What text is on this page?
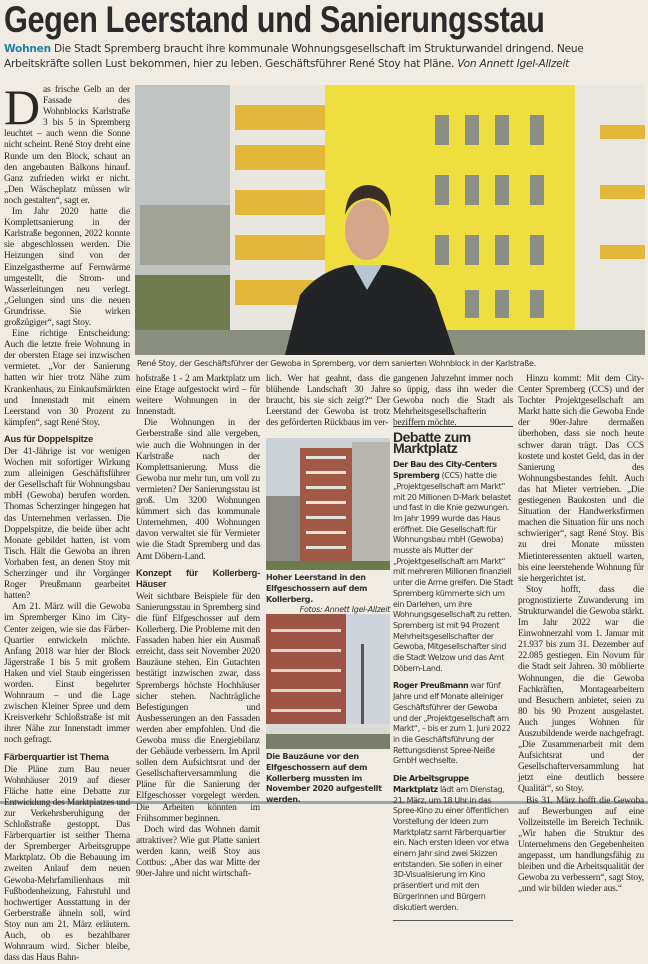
Gegen Leerstand und Sanierungsstau
Wohnen Die Stadt Spremberg braucht ihre kommunale Wohnungsgesellschaft im Strukturwandel dringend. Neue Arbeitskräfte sollen Lust bekommen, hier zu leben. Geschäftsführer René Stoy hat Pläne. Von Annett Igel-Allzeit

Das frische Gelb an der Fassade des Wohnblocks Karlstraße 3 bis 5 in Spremberg leuchtet – auch wenn die Sonne nicht scheint. René Stoy dreht eine Runde um den Block, schaut an den angebauten Balkons hinauf. Ganz zufrieden wirkt er nicht. „Den Wäscheplatz müssen wir noch gestalten“, sagt er.

Im Jahr 2020 hatte die Komplettsanierung in der Karlstraße begonnen, 2022 konnte sie abgeschlossen werden. Die Heizungen sind von der Einzelgastherme auf Fernwärme umgestellt, die Strom- und Wasserleitungen neu verlegt. „Gelungen sind uns die neuen Grundrisse. Sie wirken großzügiger“, sagt Stoy.

Eine richtige Entscheidung: Auch die letzte freie Wohnung in der obersten Etage sei inzwischen vermietet. „Vor der Sanierung hatten wir hier trotz Nähe zum Krankenhaus, zu Einkaufsmärkten und Innenstadt mit einem Leerstand von 30 Prozent zu kämpfen“, sagt René Stoy.

Aus für Doppelspitze

Der 41-Jährige ist vor wenigen Wochen mit sofortiger Wirkung zum alleinigen Geschäftsführer der Gesellschaft für Wohnungsbau mbH (Gewoba) berufen worden. Thomas Scherzinger hingegen hat das Unternehmen verlassen. Die Doppelspitze, die beide über acht Monate gebildet hatten, ist vom Tisch. Hält die Gewoba an ihren Vorhaben fest, an denen Stoy mit Scherzinger und ihr Vorgänger Roger Preußmann gearbeitet hatten?

Am 21. März will die Gewoba im Spremberger Kino im City-Center zeigen, wie sie das Färber-Quartier entwickeln möchte. Anfang 2018 war hier der Block Jägerstraße 1 bis 5 mit großem Haken und viel Staub eingerissen worden. Einst begehrter Wohnraum – und die Lage zwischen Kleiner Spree und dem Kreisverkehr Schloßstraße ist mit ihrer Nähe zur Innenstadt immer noch gefragt.

Färberquartier ist Thema

Die Pläne zum Bau neuer Wohnhäuser 2019 auf dieser Fläche hatte eine Debatte zur Entwicklung des Marktplatzes und zur Verkehrsberuhigung der Schloßstraße gestoppt. Das Färberquartier ist seither Thema der Spremberger Arbeitsgruppe Marktplatz. Ob die Bebauung im zweiten Anlauf dem neuen Gewoba-Mehrfamilienhaus mit Fußbodenheizung, Fahrstuhl und hochwertiger Ausstattung in der Gerberstraße ähneln soll, wird Stoy nun am 21. März erläutern. Auch, ob es bezahlbarer Wohnraum wird. Sicher bleibe, dass das Haus Bahn-

René Stoy, der Geschäftsführer der Gewoba in Spremberg, vor dem sanierten Wohnblock in der Karlstraße.

hofstraße 1 - 2 am Marktplatz um eine Etage aufgestockt wird – für weitere Wohnungen in der Innenstadt.

Die Wohnungen in der Gerberstraße sind alle vergeben, wie auch die Wohnungen in der Karlstraße nach der Komplettsanierung. Muss die Gewoba nur mehr tun, um voll zu vermieten? Der Sanierungsstau ist groß. Um 3200 Wohnungen kümmert sich das kommunale Unternehmen, 400 Wohnungen davon verwaltet sie für Vermieter wie die Stadt Spremberg und das Amt Döbern-Land.

Konzept für Kollerberg-Häuser

Weit sichtbare Beispiele für den Sanierungsstau in Spremberg sind die fünf Elfgeschosser auf dem Kollerberg. Die Probleme mit den Fassaden haben hier ein Ausmaß erreicht, dass seit November 2020 Bauzäune stehen. Ein Gutachten bestätigt inzwischen zwar, dass Sprembergs höchste Hochhäuser sicher stehen. Nachträgliche Befestigungen und Ausbesserungen an den Fassaden werden aber empfohlen. Und die Gewoba muss die Energiebilanz der Gebäude verbessern. Im April sollen dem Aufsichtsrat und der Gesellschafterversammlung die Pläne für die Sanierung der Elfgeschosser vorgelegt werden. Die Arbeiten könnten im Frühsommer beginnen.

Doch wird das Wohnen damit attraktiver? Wie gut Platte saniert werden kann, weiß Stoy aus Cottbus: „Aber das war Mitte der 90er-Jahre und nicht wirtschaft-

lich. Wer hat geahnt, dass die blühende Landschaft 30 Jahre braucht, bis sie sich zeigt?“ Der Leerstand der Gewoba ist trotz des geförderten Rückbaus im ver-

Hoher Leerstand in den Elfgeschossern auf dem Kollerberg.
Fotos: Annett Igel-Allzeit
Die Bauzäune vor den Elfgeschossern auf dem Kollerberg mussten im November 2020 aufgestellt werden.

gangenen Jahrzehnt immer noch so üppig, dass ihn weder die Gewoba noch die Stadt als Mehrheitsgesellschafterin beziffern möchte.

Debatte zum Marktplatz

Der Bau des City-Centers Spremberg (CCS) hatte die „Projektgesellschaft am Markt“ mit 20 Millionen D-Mark belastet und fast in die Knie gezwungen. Im Jahr 1999 wurde das Haus eröffnet. Die Gesellschaft für Wohnungsbau mbH (Gewoba) musste als Mutter der „Projektgesellschaft am Markt“ mit mehreren Millionen finanziell unter die Arme greifen. Die Stadt Spremberg kümmerte sich um ein Darlehen, um ihre Wohnungsgesellschaft zu retten. Spremberg ist mit 94 Prozent Mehrheitsgesellschafter der Gewoba, Mitgesellschafter sind die Stadt Welzow und das Amt Döbern-Land.

Roger Preußmann war fünf Jahre und elf Monate alleiniger Geschäftsführer der Gewoba und der „Projektgesellschaft am Markt“, – bis er zum 1. Juni 2022 in die Geschäftsführung der Rettungsdienst Spree-Neiße GmbH wechselte.

Die Arbeitsgruppe Marktplatz lädt am Dienstag, 21. März, um 18 Uhr in das Spree-Kino zu einer öffentlichen Vorstellung der Ideen zum Marktplatz samt Färberquartier ein. Nach ersten Ideen vor etwa einem Jahr sind zwei Skizzen entstanden. Sie sollen in einer 3D-Visualisierung im Kino präsentiert und mit den Bürgerinnen und Bürgern diskutiert werden.

Hinzu kommt: Mit dem City-Center Spremberg (CCS) und der Tochter Projektgesellschaft am Markt hatte sich die Gewoba Ende der 90er-Jahre dermaßen überhoben, dass sie noch heute schwer daran trägt. Das CCS kostete und kostet Geld, das in der Sanierung des Wohnungsbestandes fehlt. Auch das hat Mieter vertrieben. „Die gestiegenen Baukosten und die Situation der Handwerksfirmen machen die Situation für uns noch schwieriger“, sagt René Stoy. Bis zu drei Monate müssten Mietinteressenten aktuell warten, bis eine leerstehende Wohnung für sie hergerichtet ist.

Stoy hofft, dass die prognostizierte Zuwanderung im Strukturwandel die Gewoba stärkt. Im Jahr 2022 war die Einwohnerzahl vom 1. Januar mit 21.937 bis zum 31. Dezember auf 22.085 gestiegen. Ein Novum für die Stadt seit Jahren. 30 möblierte Wohnungen, die die Gewoba Fachkräften, Montagearbeitern und Besuchern anbietet, seien zu 80 bis 90 Prozent ausgelastet. Auch junges Wohnen für Auszubildende werde nachgefragt. „Die Zusammenarbeit mit dem Aufsichtsrat und der Gesellschafterversammlung hat jetzt eine deutlich bessere Qualität“, so Stoy.

Bis 31. März hofft die Gewoba auf Bewerbungen auf eine Vollzeitstelle im Bereich Technik. „Wir haben die Struktur des Unternehmens den Gegebenheiten angepasst, um handlungsfähig zu bleiben und die Arbeitsqualität der Gewoba zu verbessern“, sagt Stoy, „und wir bilden wieder aus.“
